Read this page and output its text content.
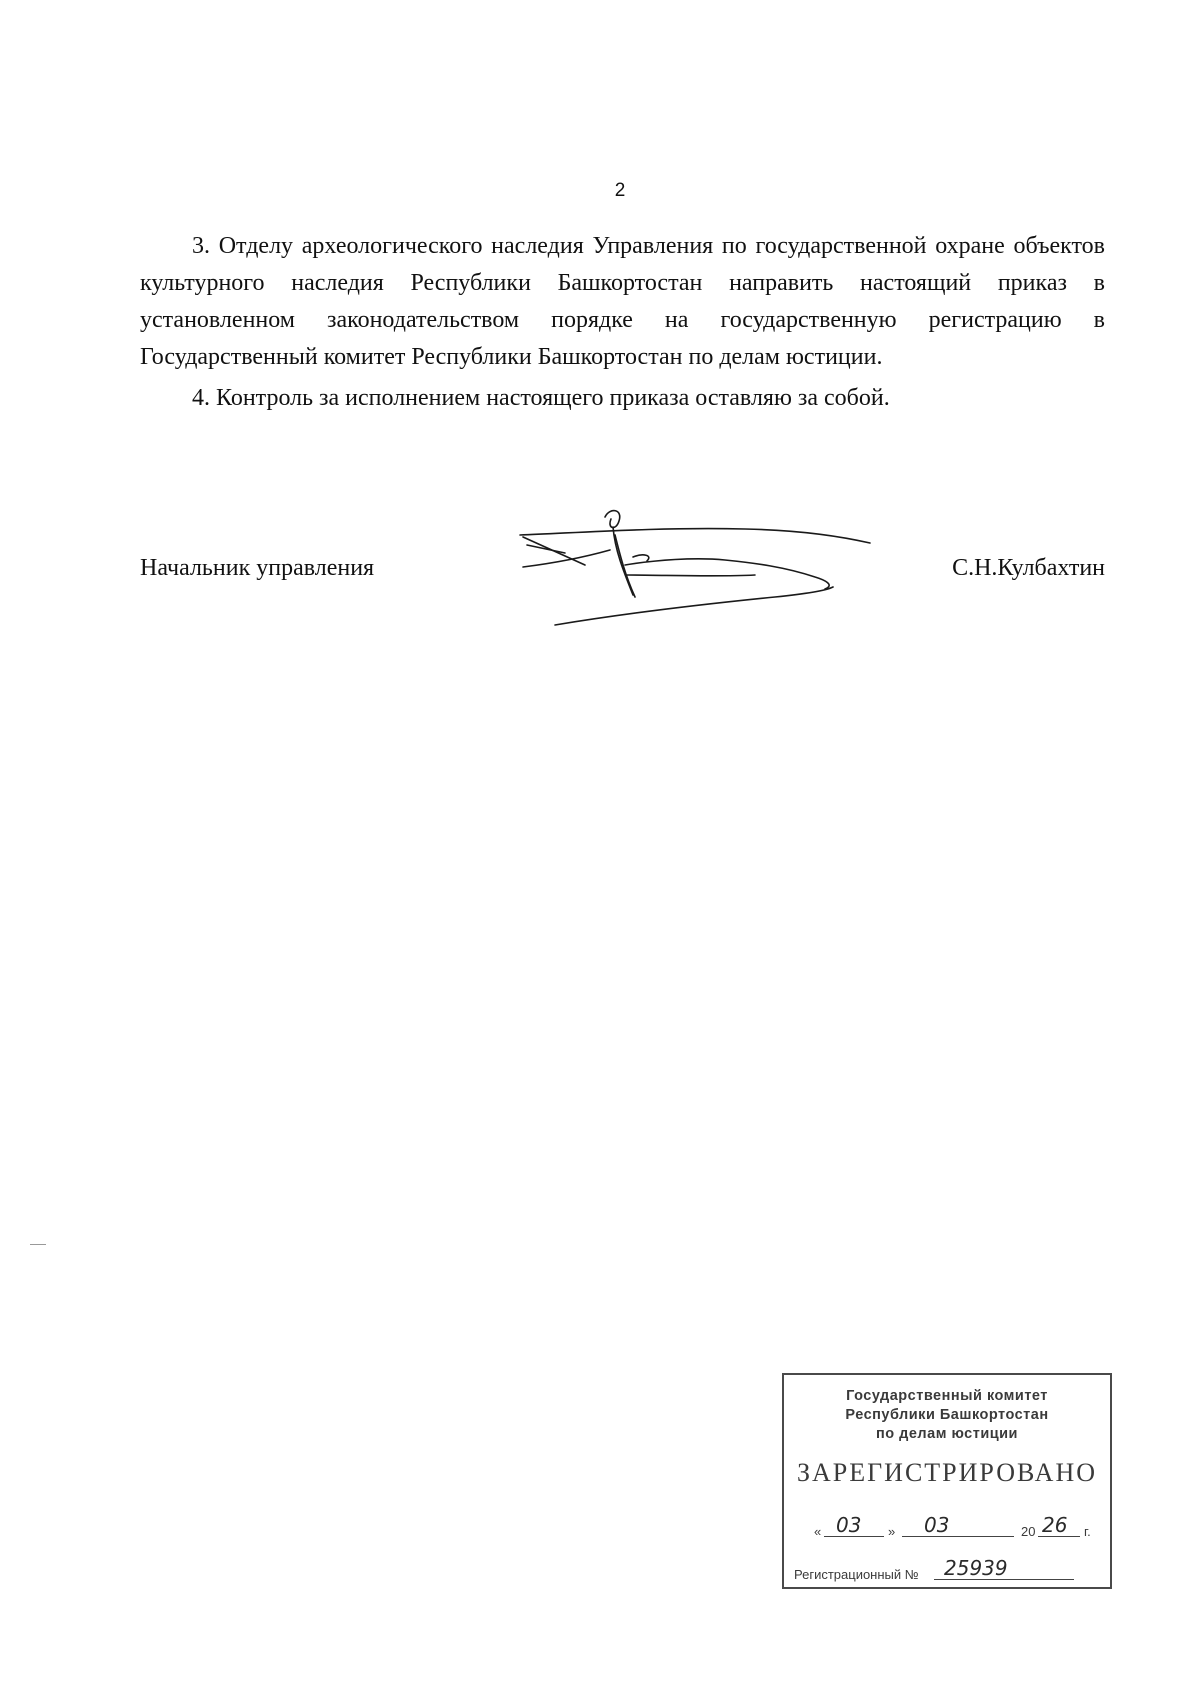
2

3. Отделу археологического наследия Управления по государственной охране объектов культурного наследия Республики Башкортостан направить настоящий приказ в установленном законодательством порядке на государственную регистрацию в Государственный комитет Республики Башкортостан по делам юстиции.

4. Контроль за исполнением настоящего приказа оставляю за собой.

Начальник управления	С.Н.Кулбахтин
Государственный комитет
Республики Башкортостан
по делам юстиции
ЗАРЕГИСТРИРОВАНО
« 03 » 03	20 26 г.
Регистрационный № 25939
